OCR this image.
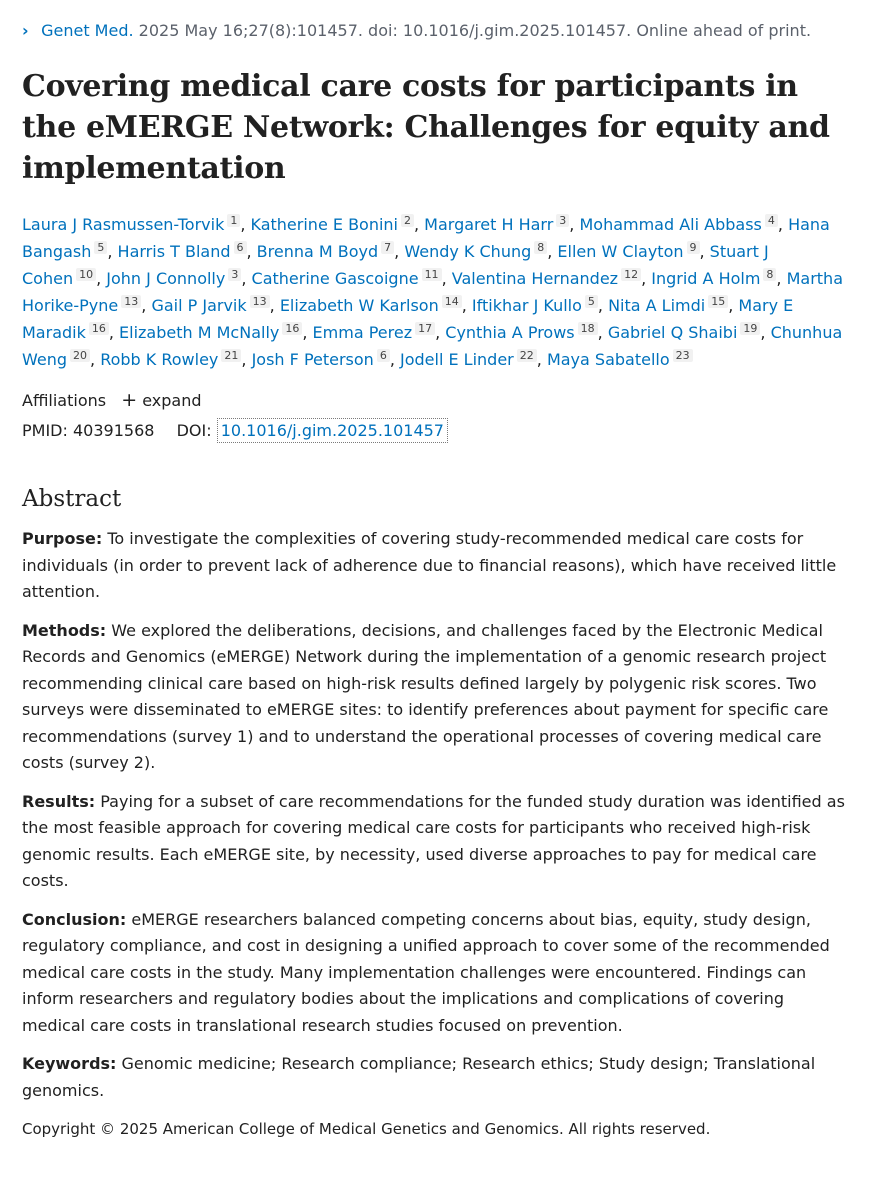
› Genet Med. 2025 May 16;27(8):101457. doi: 10.1016/j.gim.2025.101457. Online ahead of print.
Covering medical care costs for participants in the eMERGE Network: Challenges for equity and implementation
Laura J Rasmussen-Torvik $^1$ , Katherine E Bonini $^2$ , Margaret H Harr $^3$ , Mohammad Ali Abbass $^4$ , Hana Bangash $^5$ , Harris T Bland $^6$ , Brenna M Boyd $^7$ , Wendy K Chung $^8$ , Ellen W Clayton $^9$ , Stuart J Cohen $^{10}$ , John J Connolly $^3$ , Catherine Gascoigne $^{11}$ , Valentina Hernandez $^{12}$ , Ingrid A Holm $^8$ , Martha Horike-Pyne $^{13}$ , Gail P Jarvik $^{13}$ , Elizabeth W Karlson $^{14}$ , Iftikhar J Kullo $^5$ , Nita A Limdi $^{15}$ , Mary E Maradik $^{16}$ , Elizabeth M McNally $^{16}$ , Emma Perez $^{17}$ , Cynthia A Prows $^{18}$ , Gabriel Q Shaibi $^{19}$ , Chunhua Weng $^{20}$ , Robb K Rowley $^{21}$ , Josh F Peterson $^6$ , Jodell E Linder $^{22}$ , Maya Sabatello $^{23}$
Affiliations + expand
PMID: 40391568 DOI: 10.1016/j.gim.2025.101457
Abstract

Purpose: To investigate the complexities of covering study-recommended medical care costs for individuals (in order to prevent lack of adherence due to financial reasons), which have received little attention.

Methods: We explored the deliberations, decisions, and challenges faced by the Electronic Medical Records and Genomics (eMERGE) Network during the implementation of a genomic research project recommending clinical care based on high-risk results defined largely by polygenic risk scores. Two surveys were disseminated to eMERGE sites: to identify preferences about payment for specific care recommendations (survey 1) and to understand the operational processes of covering medical care costs (survey 2).

Results: Paying for a subset of care recommendations for the funded study duration was identified as the most feasible approach for covering medical care costs for participants who received high-risk genomic results. Each eMERGE site, by necessity, used diverse approaches to pay for medical care costs.

Conclusion: eMERGE researchers balanced competing concerns about bias, equity, study design, regulatory compliance, and cost in designing a unified approach to cover some of the recommended medical care costs in the study. Many implementation challenges were encountered. Findings can inform researchers and regulatory bodies about the implications and complications of covering medical care costs in translational research studies focused on prevention.

Keywords: Genomic medicine; Research compliance; Research ethics; Study design; Translational genomics.

Copyright © 2025 American College of Medical Genetics and Genomics. All rights reserved.
